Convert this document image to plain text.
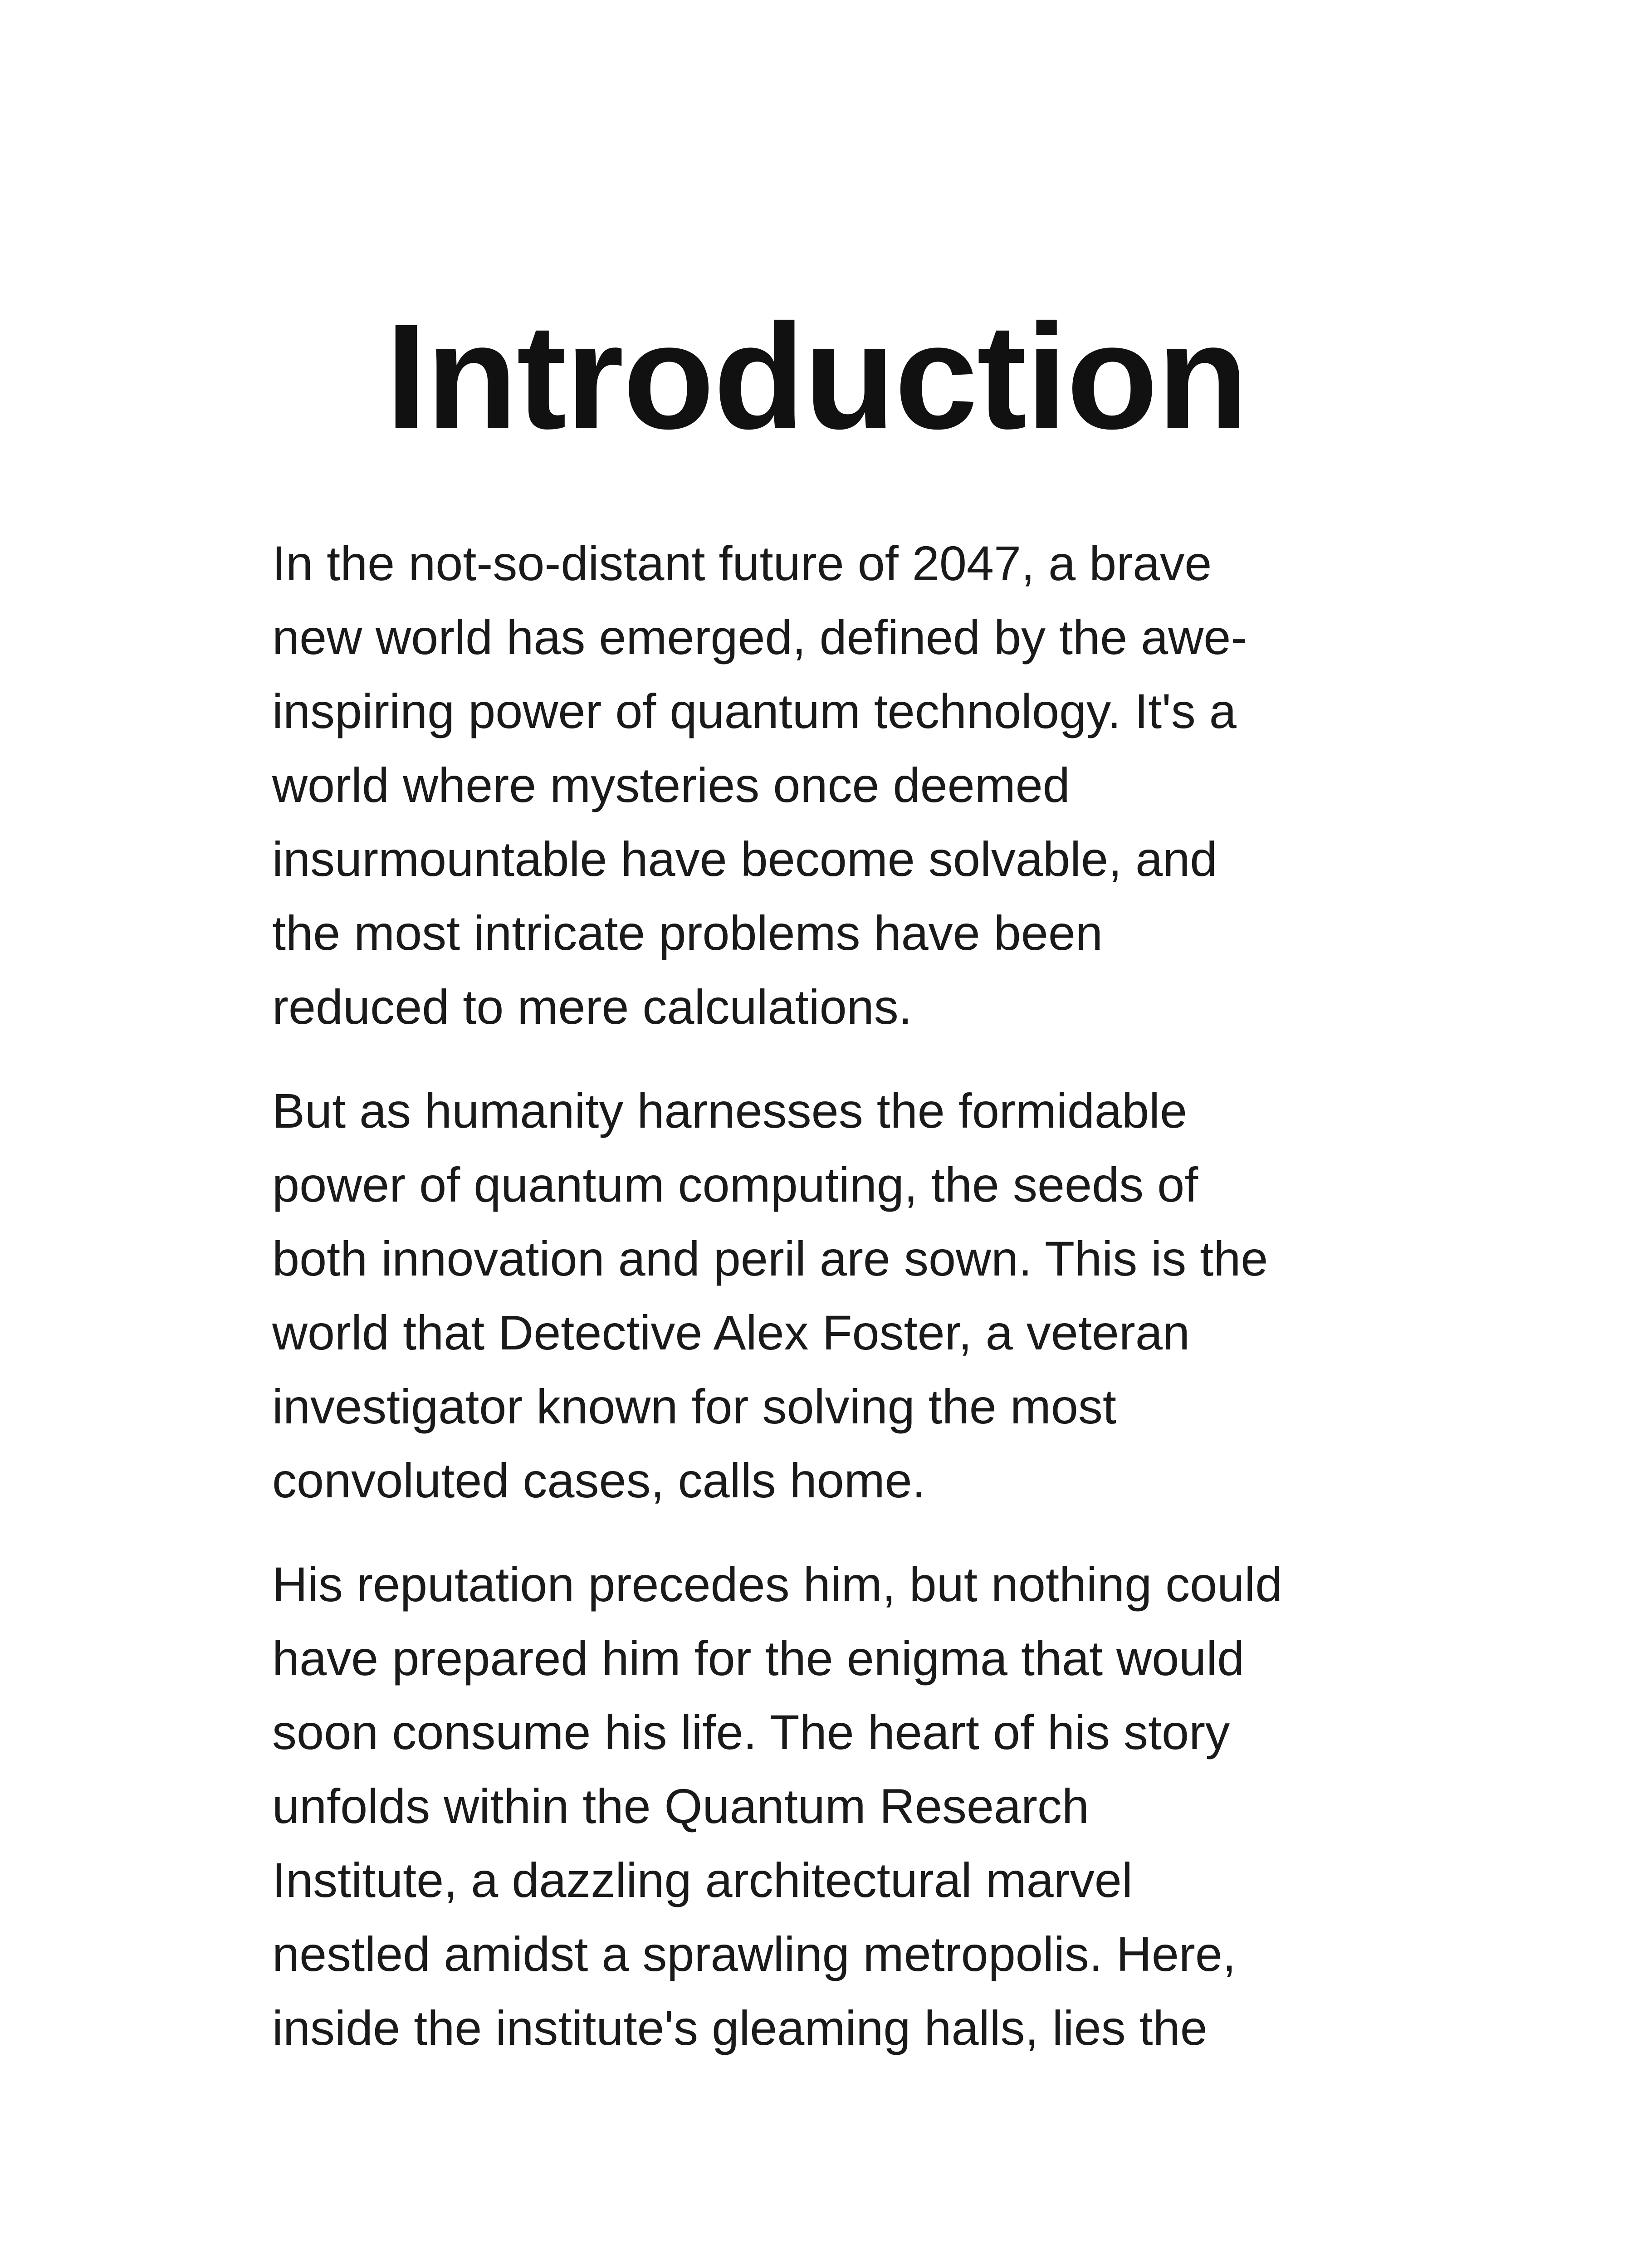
Introduction

In the not-so-distant future of 2047, a brave
new world has emerged, defined by the awe-
inspiring power of quantum technology. It's a
world where mysteries once deemed
insurmountable have become solvable, and
the most intricate problems have been
reduced to mere calculations.

But as humanity harnesses the formidable
power of quantum computing, the seeds of
both innovation and peril are sown. This is the
world that Detective Alex Foster, a veteran
investigator known for solving the most
convoluted cases, calls home.

His reputation precedes him, but nothing could
have prepared him for the enigma that would
soon consume his life. The heart of his story
unfolds within the Quantum Research
Institute, a dazzling architectural marvel
nestled amidst a sprawling metropolis. Here,
inside the institute's gleaming halls, lies the
